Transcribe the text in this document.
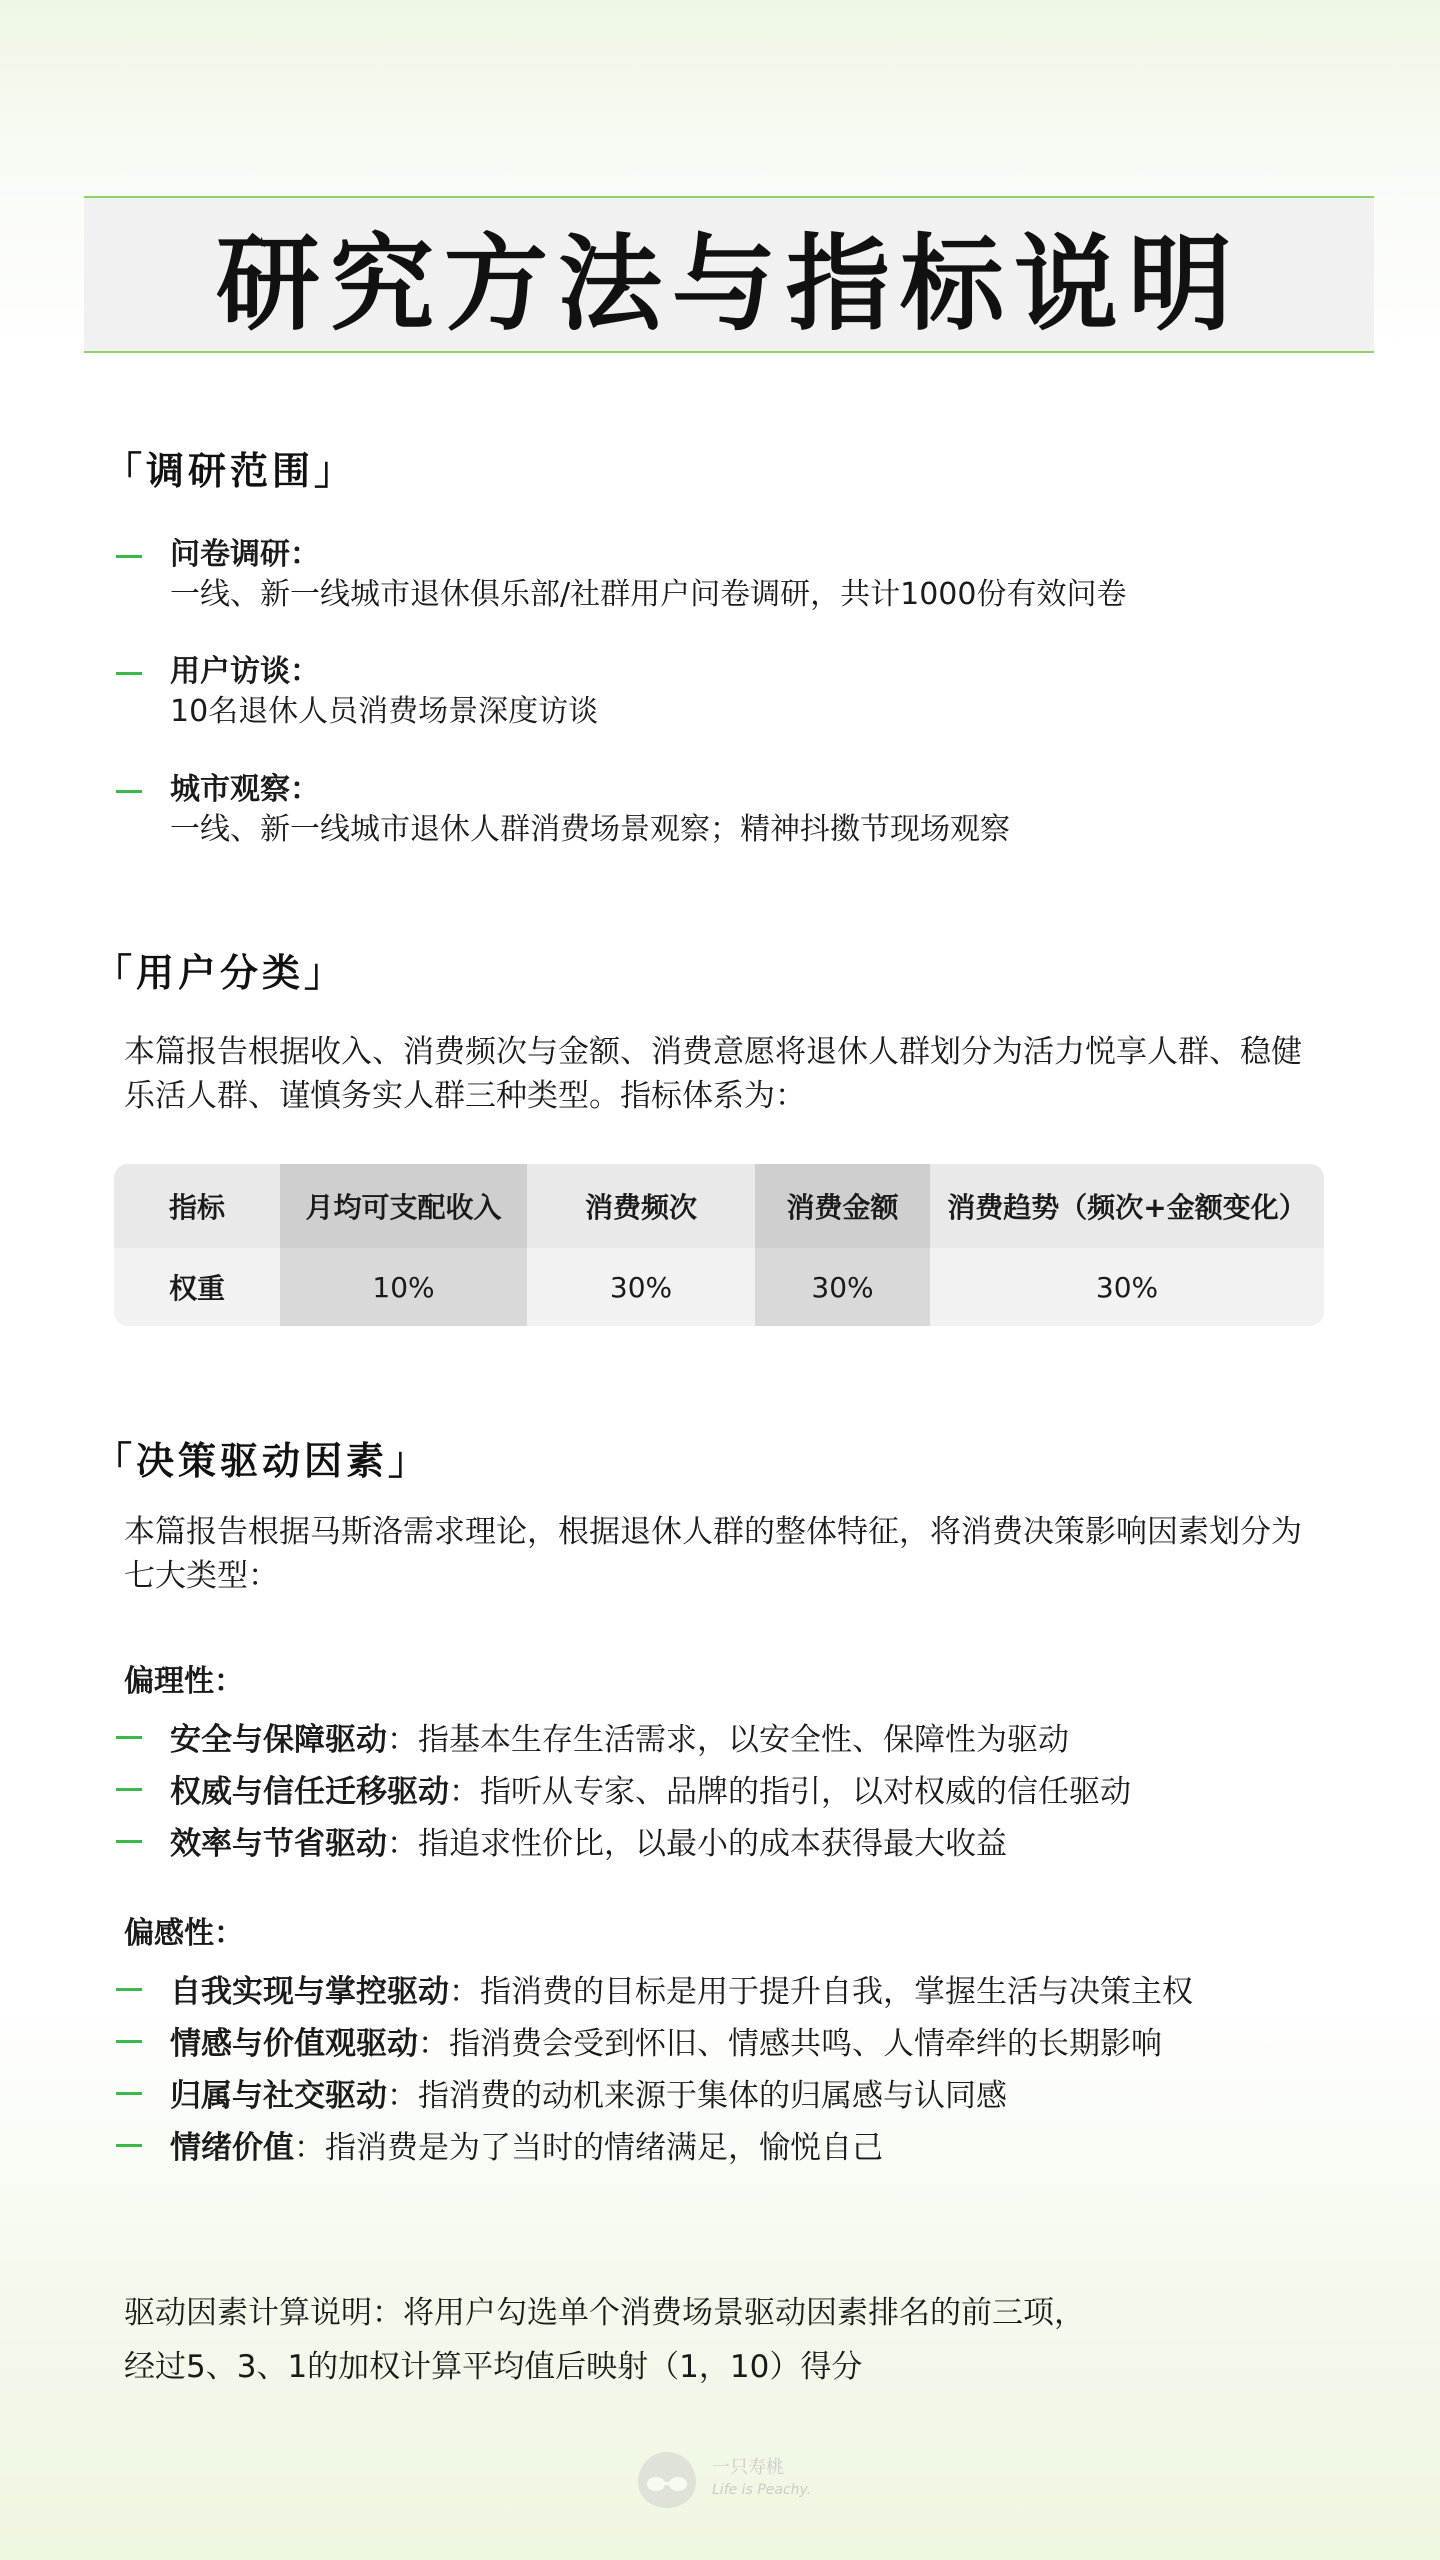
研究方法与指标说明
「调研范围」
问卷调研：
一线、新一线城市退休俱乐部/社群用户问卷调研，共计1000份有效问卷
用户访谈：
10名退休人员消费场景深度访谈
城市观察：
一线、新一线城市退休人群消费场景观察；精神抖擞节现场观察
「用户分类」
本篇报告根据收入、消费频次与金额、消费意愿将退休人群划分为活力悦享人群、稳健乐活人群、谨慎务实人群三种类型。指标体系为：
指标	月均可支配收入	消费频次	消费金额	消费趋势（频次+金额变化）
权重	10%	30%	30%	30%
「决策驱动因素」
本篇报告根据马斯洛需求理论，根据退休人群的整体特征，将消费决策影响因素划分为七大类型：
偏理性：
安全与保障驱动：指基本生存生活需求，以安全性、保障性为驱动
权威与信任迁移驱动：指听从专家、品牌的指引，以对权威的信任驱动
效率与节省驱动：指追求性价比，以最小的成本获得最大收益
偏感性：
自我实现与掌控驱动：指消费的目标是用于提升自我，掌握生活与决策主权
情感与价值观驱动：指消费会受到怀旧、情感共鸣、人情牵绊的长期影响
归属与社交驱动：指消费的动机来源于集体的归属感与认同感
情绪价值：指消费是为了当时的情绪满足，愉悦自己
驱动因素计算说明：将用户勾选单个消费场景驱动因素排名的前三项，
经过5、3、1的加权计算平均值后映射（1，10）得分
一只寿桃
Life is Peachy.
